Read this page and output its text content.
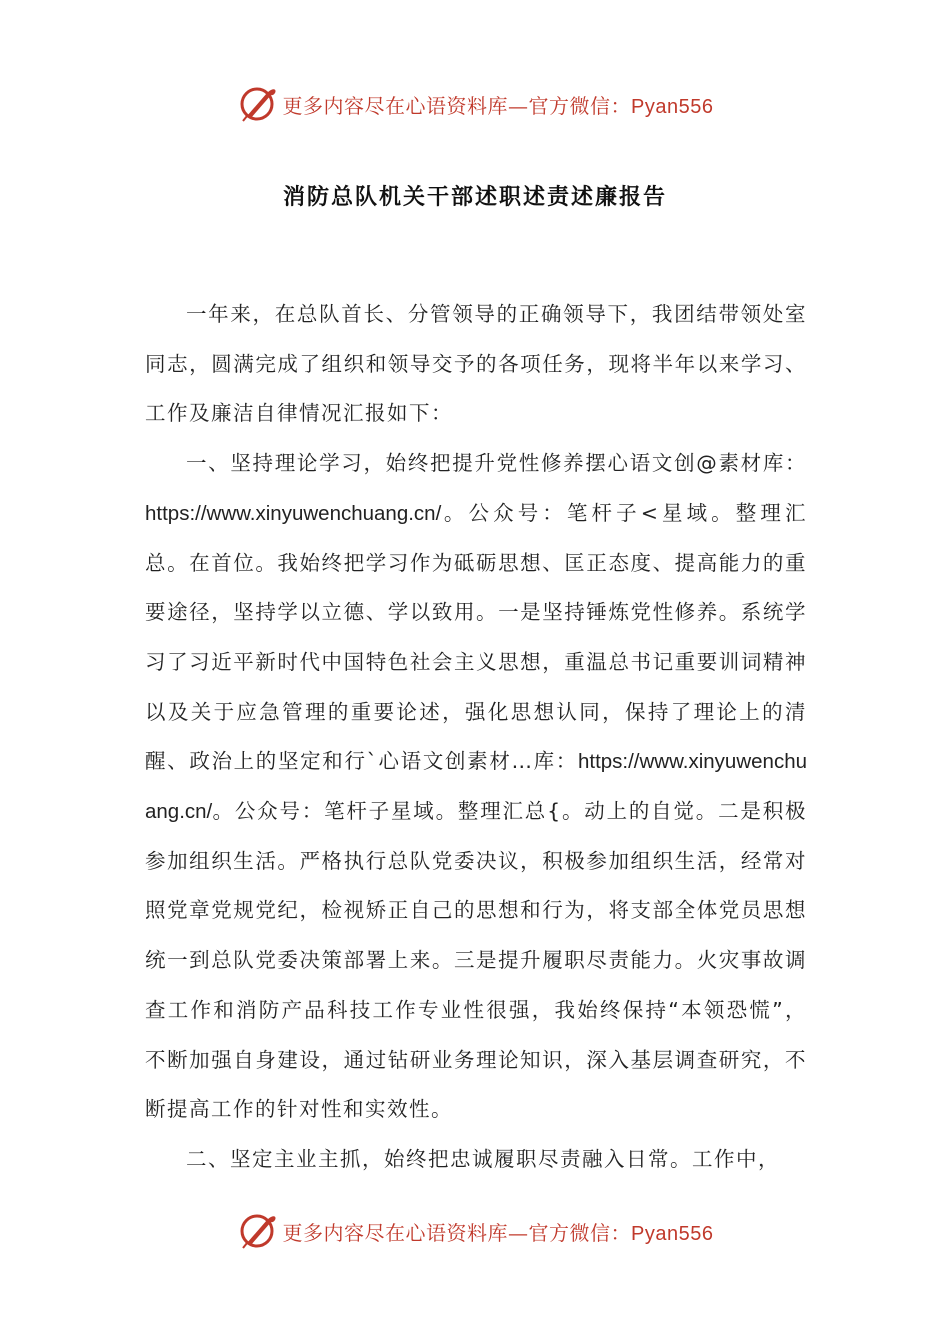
更多内容尽在心语资料库—官方微信：Pyan556
消防总队机关干部述职述责述廉报告

一年来，在总队首长、分管领导的正确领导下，我团结带领处室同志，圆满完成了组织和领导交予的各项任务，现将半年以来学习、工作及廉洁自律情况汇报如下：

一、坚持理论学习，始终把提升党性修养摆心语文创@素材库：https://www.xinyuwenchuang.cn/。公众号：笔杆子<星域。整理汇总。在首位。我始终把学习作为砥砺思想、匡正态度、提高能力的重要途径，坚持学以立德、学以致用。一是坚持锤炼党性修养。系统学习了习近平新时代中国特色社会主义思想，重温总书记重要训词精神以及关于应急管理的重要论述，强化思想认同，保持了理论上的清醒、政治上的坚定和行`心语文创素材…库：https://www.xinyuwenchuang.cn/。公众号：笔杆子星域。整理汇总{。动上的自觉。二是积极参加组织生活。严格执行总队党委决议，积极参加组织生活，经常对照党章党规党纪，检视矫正自己的思想和行为，将支部全体党员思想统一到总队党委决策部署上来。三是提升履职尽责能力。火灾事故调查工作和消防产品科技工作专业性很强，我始终保持“本领恐慌”，不断加强自身建设，通过钻研业务理论知识，深入基层调查研究，不断提高工作的针对性和实效性。

二、坚定主业主抓，始终把忠诚履职尽责融入日常。工作中，

更多内容尽在心语资料库—官方微信：Pyan556
